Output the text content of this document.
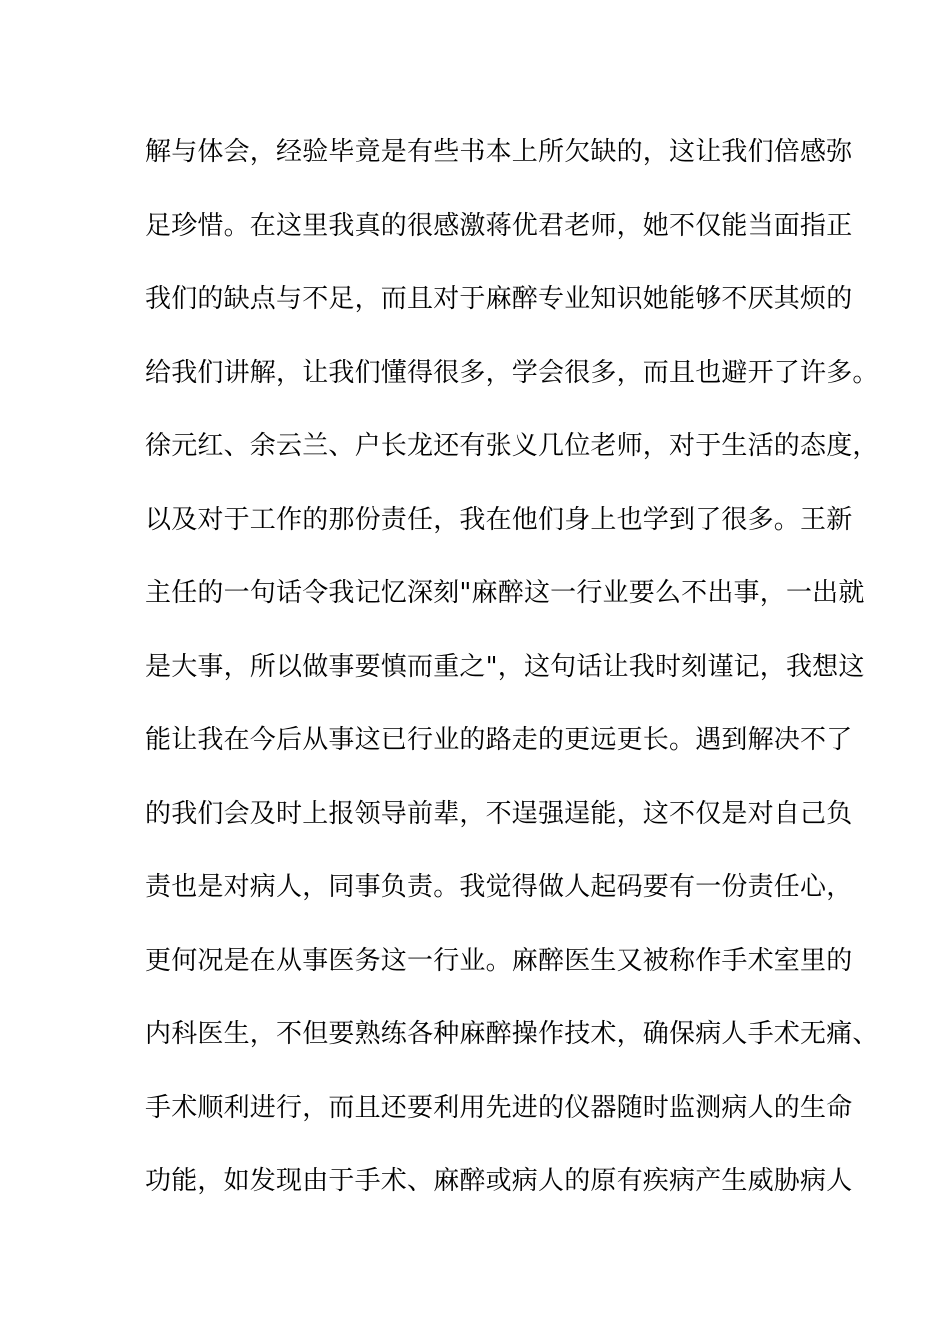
解与体会，经验毕竟是有些书本上所欠缺的，这让我们倍感弥
足珍惜。在这里我真的很感激蒋优君老师，她不仅能当面指正
我们的缺点与不足，而且对于麻醉专业知识她能够不厌其烦的
给我们讲解，让我们懂得很多，学会很多，而且也避开了许多。
徐元红、余云兰、户长龙还有张义几位老师，对于生活的态度，
以及对于工作的那份责任，我在他们身上也学到了很多。王新
主任的一句话令我记忆深刻"麻醉这一行业要么不出事，一出就
是大事，所以做事要慎而重之"，这句话让我时刻谨记，我想这
能让我在今后从事这已行业的路走的更远更长。遇到解决不了
的我们会及时上报领导前辈，不逞强逞能，这不仅是对自己负
责也是对病人，同事负责。我觉得做人起码要有一份责任心，
更何况是在从事医务这一行业。麻醉医生又被称作手术室里的
内科医生，不但要熟练各种麻醉操作技术，确保病人手术无痛、
手术顺利进行，而且还要利用先进的仪器随时监测病人的生命
功能，如发现由于手术、麻醉或病人的原有疾病产生威胁病人
